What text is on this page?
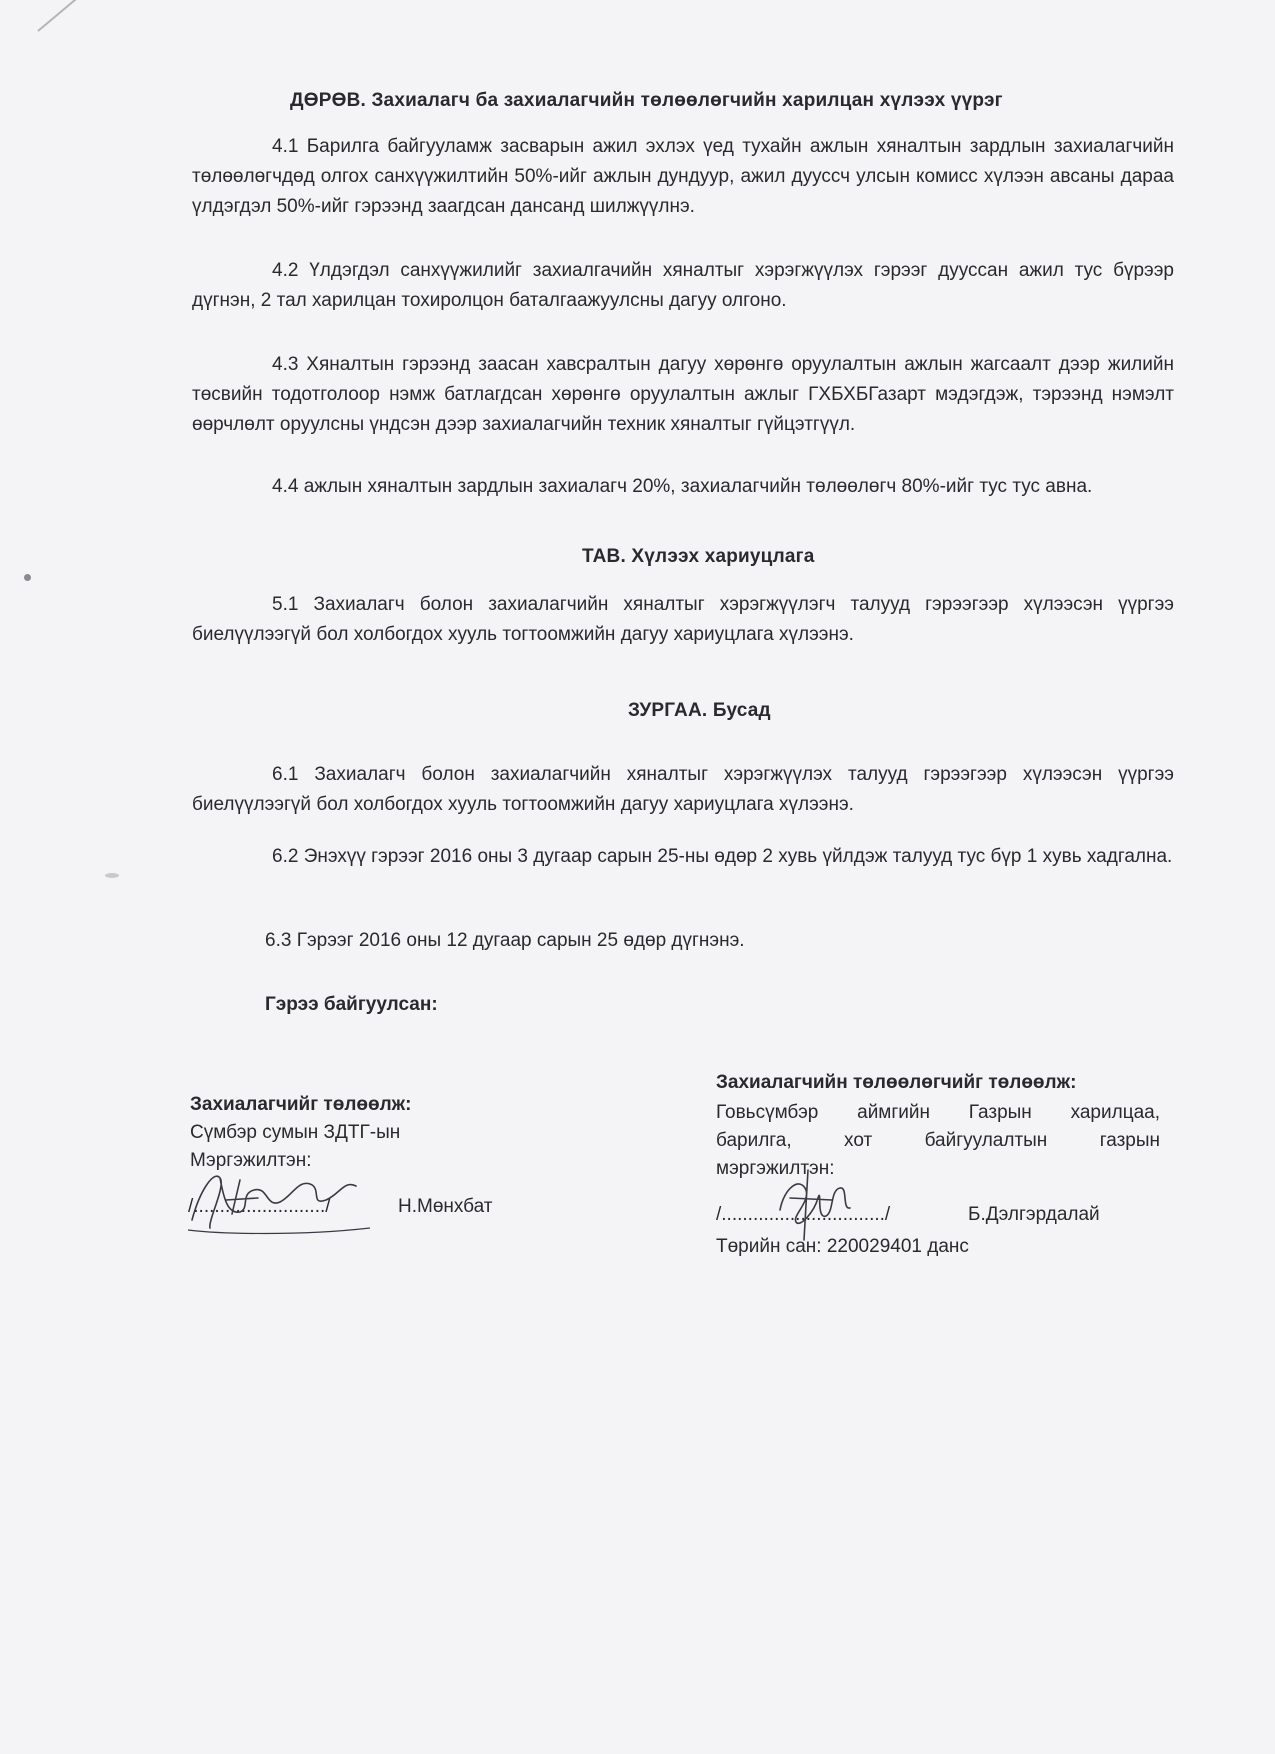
ДӨРӨВ. Захиалагч ба захиалагчийн төлөөлөгчийн харилцан хүлээх үүрэг
4.1 Барилга байгууламж засварын ажил эхлэх үед тухайн ажлын хяналтын зардлын захиалагчийн төлөөлөгчдөд олгох санхүүжилтийн 50%-ийг ажлын дундуур, ажил дууссч улсын комисс хүлээн авсаны дараа үлдэгдэл 50%-ийг гэрээнд заагдсан дансанд шилжүүлнэ.
4.2 Үлдэгдэл санхүүжилийг захиалгачийн хяналтыг хэрэгжүүлэх гэрээг дууссан ажил тус бүрээр дүгнэн, 2 тал харилцан тохиролцон баталгаажуулсны дагуу олгоно.
4.3 Хяналтын гэрээнд заасан хавсралтын дагуу хөрөнгө оруулалтын ажлын жагсаалт дээр жилийн төсвийн тодотголоор нэмж батлагдсан хөрөнгө оруулалтын ажлыг ГХБХБГазарт мэдэгдэж, тэрээнд нэмэлт өөрчлөлт оруулсны үндсэн дээр захиалагчийн техник хяналтыг гүйцэтгүүл.
4.4 ажлын хяналтын зардлын захиалагч 20%, захиалагчийн төлөөлөгч 80%-ийг тус тус авна.
ТАВ. Хүлээх хариуцлага
5.1 Захиалагч болон захиалагчийн хяналтыг хэрэгжүүлэгч талууд гэрээгээр хүлээсэн үүргээ биелүүлээгүй бол холбогдох хууль тогтоомжийн дагуу хариуцлага хүлээнэ.
ЗУРГАА. Бусад
6.1 Захиалагч болон захиалагчийн хяналтыг хэрэгжүүлэх талууд гэрээгээр хүлээсэн үүргээ биелүүлээгүй бол холбогдох хууль тогтоомжийн дагуу хариуцлага хүлээнэ.
6.2 Энэхүү гэрээг 2016 оны 3 дугаар сарын 25-ны өдөр 2 хувь үйлдэж талууд тус бүр 1 хувь хадгална.
6.3 Гэрээг 2016 оны 12 дугаар сарын 25 өдөр дүгнэнэ.
Гэрээ байгуулсан:
Захиалагчийг төлөөлж:
Сүмбэр сумын ЗДТГ-ын
Мэргэжилтэн:
/........................./	Н.Мөнхбат
Захиалагчийн төлөөлөгчийг төлөөлж:
Говьсүмбэр аймгийн Газрын харилцаа,
барилга, хот байгуулалтын газрын
мэргэжилтэн:
/.............................../	Б.Дэлгэрдалай
Төрийн сан: 220029401 данс
